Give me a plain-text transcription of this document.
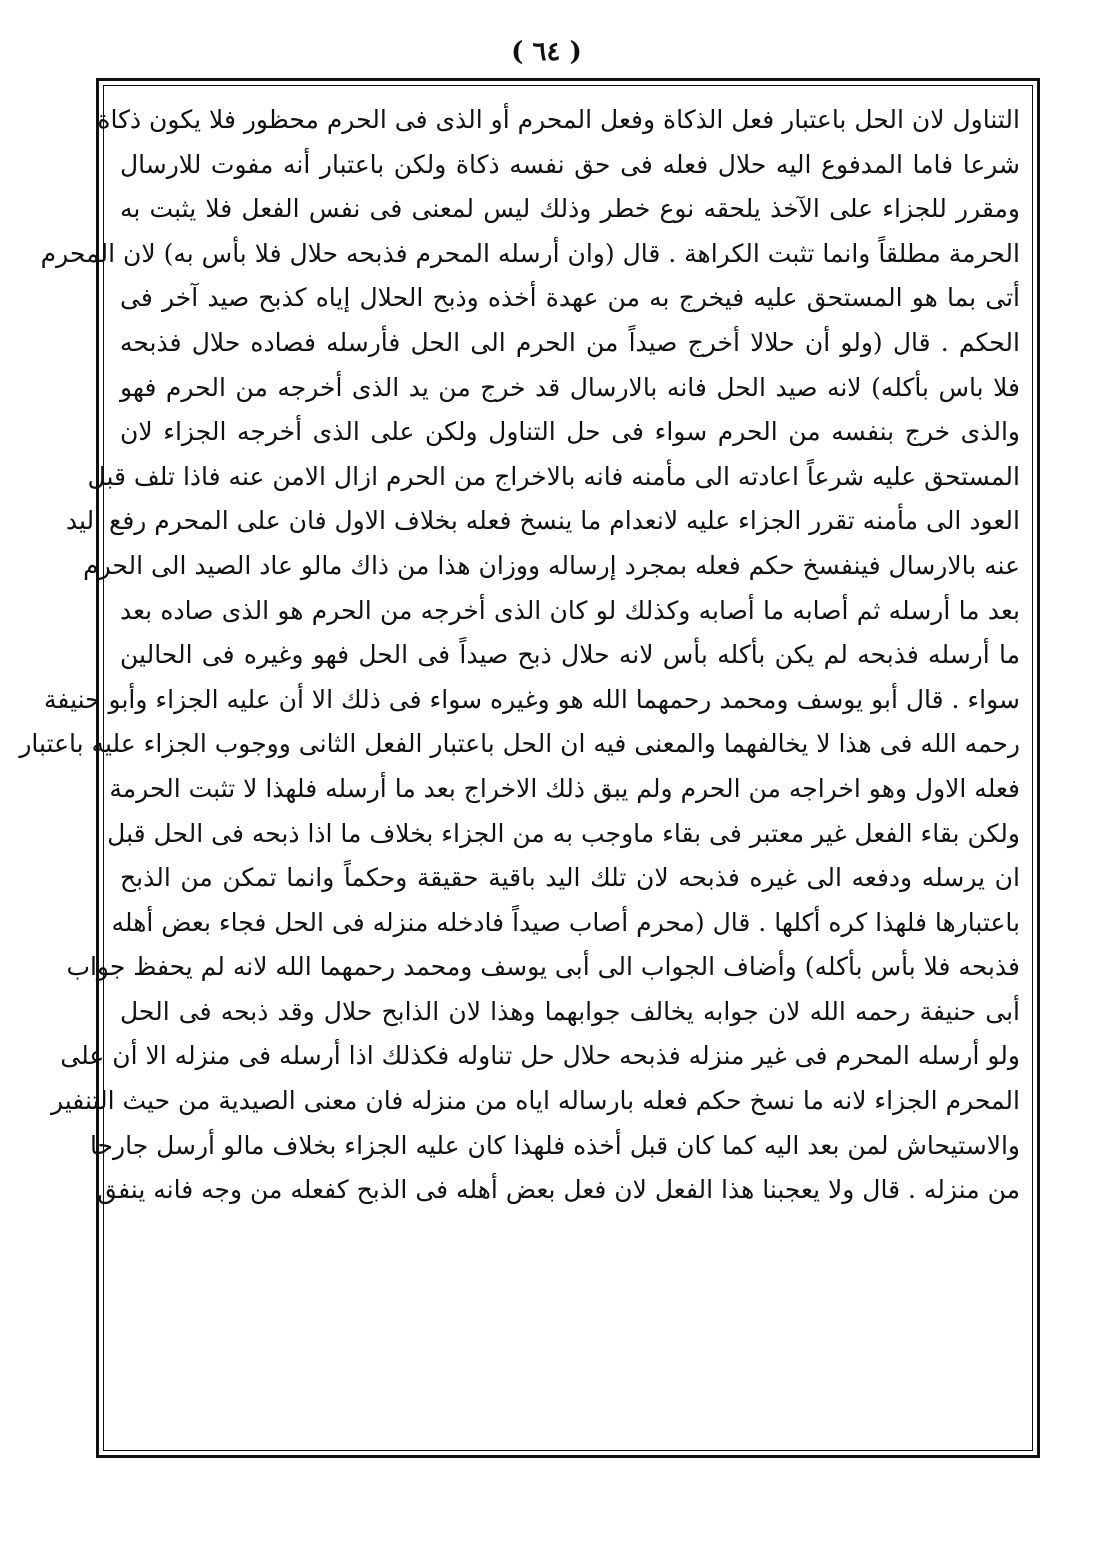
( ٦٤ )
التناول لان الحل باعتبار فعل الذكاة وفعل المحرم أو الذى فى الحرم محظور فلا يكون ذكاة
شرعا فاما المدفوع اليه حلال فعله فى حق نفسه ذكاة ولكن باعتبار أنه مفوت للارسال
ومقرر للجزاء على الآخذ يلحقه نوع خطر وذلك ليس لمعنى فى نفس الفعل فلا يثبت به
الحرمة مطلقاً وانما تثبت الكراهة . قال (وان أرسله المحرم فذبحه حلال فلا بأس به) لان المحرم
أتى بما هو المستحق عليه فيخرج به من عهدة أخذه وذبح الحلال إياه كذبح صيد آخر فى
الحكم . قال (ولو أن حلالا أخرج صيداً من الحرم الى الحل فأرسله فصاده حلال فذبحه
فلا باس بأكله) لانه صيد الحل فانه بالارسال قد خرج من يد الذى أخرجه من الحرم فهو
والذى خرج بنفسه من الحرم سواء فى حل التناول ولكن على الذى أخرجه الجزاء لان
المستحق عليه شرعاً اعادته الى مأمنه فانه بالاخراج من الحرم ازال الامن عنه فاذا تلف قبل
العود الى مأمنه تقرر الجزاء عليه لانعدام ما ينسخ فعله بخلاف الاول فان على المحرم رفع اليد
عنه بالارسال فينفسخ حكم فعله بمجرد إرساله ووزان هذا من ذاك مالو عاد الصيد الى الحرم
بعد ما أرسله ثم أصابه ما أصابه وكذلك لو كان الذى أخرجه من الحرم هو الذى صاده بعد
ما أرسله فذبحه لم يكن بأكله بأس لانه حلال ذبح صيداً فى الحل فهو وغيره فى الحالين
سواء . قال أبو يوسف ومحمد رحمهما الله هو وغيره سواء فى ذلك الا أن عليه الجزاء وأبو حنيفة
رحمه الله فى هذا لا يخالفهما والمعنى فيه ان الحل باعتبار الفعل الثانى ووجوب الجزاء عليه باعتبار
فعله الاول وهو اخراجه من الحرم ولم يبق ذلك الاخراج بعد ما أرسله فلهذا لا تثبت الحرمة
ولكن بقاء الفعل غير معتبر فى بقاء ماوجب به من الجزاء بخلاف ما اذا ذبحه فى الحل قبل
ان يرسله ودفعه الى غيره فذبحه لان تلك اليد باقية حقيقة وحكماً وانما تمكن من الذبح
باعتبارها فلهذا كره أكلها . قال (محرم أصاب صيداً فادخله منزله فى الحل فجاء بعض أهله
فذبحه فلا بأس بأكله) وأضاف الجواب الى أبى يوسف ومحمد رحمهما الله لانه لم يحفظ جواب
أبى حنيفة رحمه الله لان جوابه يخالف جوابهما وهذا لان الذابح حلال وقد ذبحه فى الحل
ولو أرسله المحرم فى غير منزله فذبحه حلال حل تناوله فكذلك اذا أرسله فى منزله الا أن على
المحرم الجزاء لانه ما نسخ حكم فعله بارساله اياه من منزله فان معنى الصيدية من حيث التنفير
والاستيحاش لمن بعد اليه كما كان قبل أخذه فلهذا كان عليه الجزاء بخلاف مالو أرسل جارحا
من منزله . قال ولا يعجبنا هذا الفعل لان فعل بعض أهله فى الذبح كفعله من وجه فانه ينفق
